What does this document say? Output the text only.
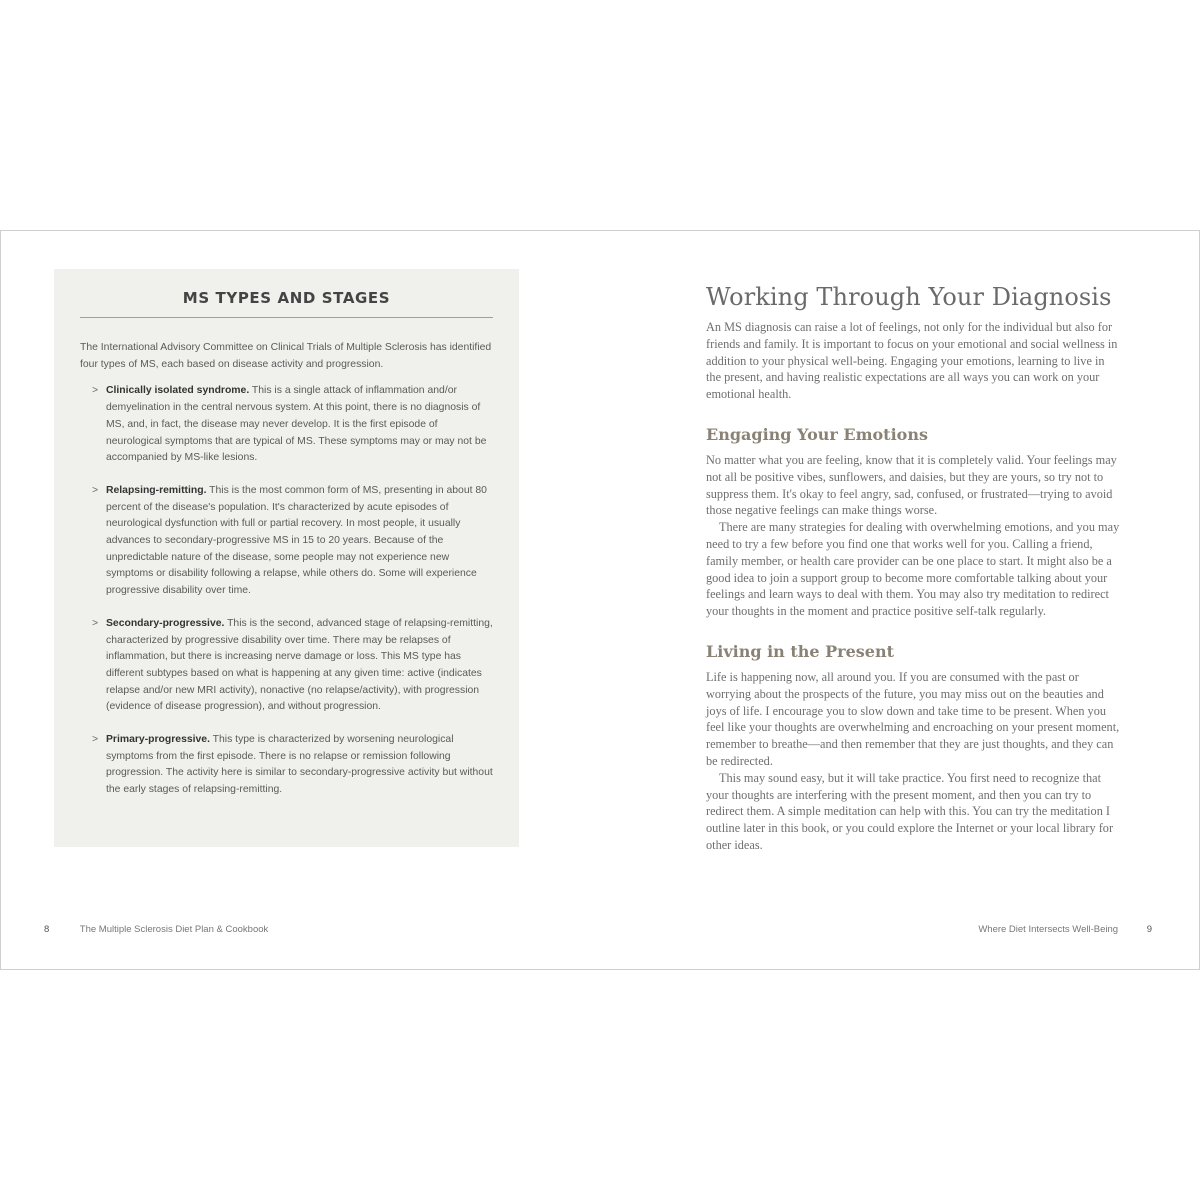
MS TYPES AND STAGES

The International Advisory Committee on Clinical Trials of Multiple Sclerosis has identified four types of MS, each based on disease activity and progression.

> Clinically isolated syndrome. This is a single attack of inflammation and/or demyelination in the central nervous system. At this point, there is no diagnosis of MS, and, in fact, the disease may never develop. It is the first episode of neurological symptoms that are typical of MS. These symptoms may or may not be accompanied by MS-like lesions.
> Relapsing-remitting. This is the most common form of MS, presenting in about 80 percent of the disease's population. It's characterized by acute episodes of neurological dysfunction with full or partial recovery. In most people, it usually advances to secondary-progressive MS in 15 to 20 years. Because of the unpredictable nature of the disease, some people may not experience new symptoms or disability following a relapse, while others do. Some will experience progressive disability over time.
> Secondary-progressive. This is the second, advanced stage of relapsing-remitting, characterized by progressive disability over time. There may be relapses of inflammation, but there is increasing nerve damage or loss. This MS type has different subtypes based on what is happening at any given time: active (indicates relapse and/or new MRI activity), nonactive (no relapse/activity), with progression (evidence of disease progression), and without progression.
> Primary-progressive. This type is characterized by worsening neurological symptoms from the first episode. There is no relapse or remission following progression. The activity here is similar to secondary-progressive activity but without the early stages of relapsing-remitting.
Working Through Your Diagnosis

An MS diagnosis can raise a lot of feelings, not only for the individual but also for friends and family. It is important to focus on your emotional and social wellness in addition to your physical well-being. Engaging your emotions, learning to live in the present, and having realistic expectations are all ways you can work on your emotional health.

Engaging Your Emotions

No matter what you are feeling, know that it is completely valid. Your feelings may not all be positive vibes, sunflowers, and daisies, but they are yours, so try not to suppress them. It's okay to feel angry, sad, confused, or frustrated—trying to avoid those negative feelings can make things worse.

There are many strategies for dealing with overwhelming emotions, and you may need to try a few before you find one that works well for you. Calling a friend, family member, or health care provider can be one place to start. It might also be a good idea to join a support group to become more comfortable talking about your feelings and learn ways to deal with them. You may also try meditation to redirect your thoughts in the moment and practice positive self-talk regularly.

Living in the Present

Life is happening now, all around you. If you are consumed with the past or worrying about the prospects of the future, you may miss out on the beauties and joys of life. I encourage you to slow down and take time to be present. When you feel like your thoughts are overwhelming and encroaching on your present moment, remember to breathe—and then remember that they are just thoughts, and they can be redirected.

This may sound easy, but it will take practice. You first need to recognize that your thoughts are interfering with the present moment, and then you can try to redirect them. A simple meditation can help with this. You can try the meditation I outline later in this book, or you could explore the Internet or your local library for other ideas.

8	The Multiple Sclerosis Diet Plan & Cookbook	Where Diet Intersects Well-Being	9
